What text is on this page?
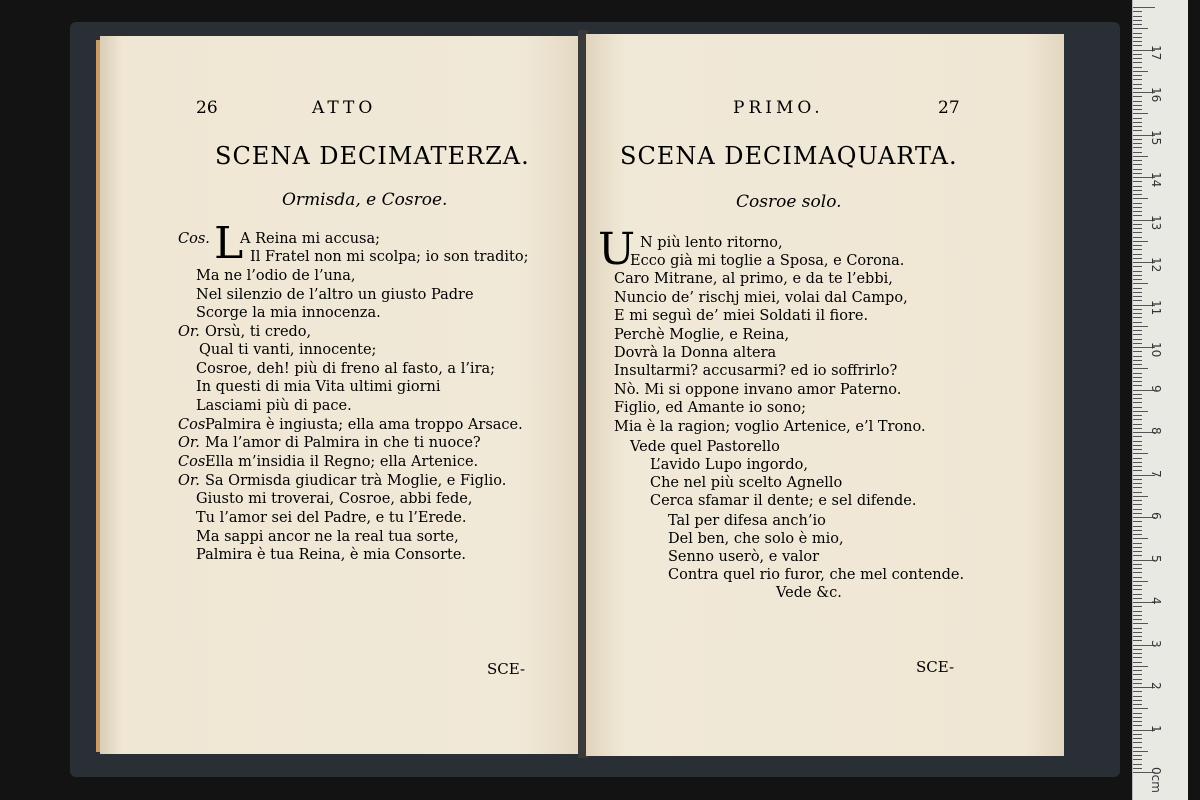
26	ATTO
SCENA DECIMATERZA.
Ormisda, e Cosroe.
L
Cos. A Reina mi accusa;
Il Fratel non mi scolpa; io son tradito;
Ma ne l’odio de l’una,
Nel silenzio de l’altro un giusto Padre
Scorge la mia innocenza.
Or. Orsù, ti credo,
Qual ti vanti, innocente;
Cosroe, deh! più di freno al fasto, a l’ira;
In questi di mia Vita ultimi giorni
Lasciami più di pace.
Cos.
Palmira è ingiusta; ella ama troppo Arsace.
Or. Ma l’amor di Palmira in che ti nuoce?
Cos.
Ella m’insidia il Regno; ella Artenice.
Or. Sa Ormisda giudicar trà Moglie, e Figlio.
Giusto mi troverai, Cosroe, abbi fede,
Tu l’amor sei del Padre, e tu l’Erede.
Ma sappi ancor ne la real tua sorte,
Palmira è tua Reina, è mia Consorte.
SCE-
PRIMO.	27
SCENA DECIMAQUARTA.
Cosroe solo.
U N più lento ritorno,
Ecco già mi toglie a Sposa, e Corona.
Caro Mitrane, al primo, e da te l’ebbi,
Nuncio de’ rischj miei, volai dal Campo,
E mi seguì de’ miei Soldati il fiore.
Perchè Moglie, e Reina,
Dovrà la Donna altera
Insultarmi? accusarmi? ed io soffrirlo?
Nò. Mi si oppone invano amor Paterno.
Figlio, ed Amante io sono;
Mia è la ragion; voglio Artenice, e’l Trono.
Vede quel Pastorello
L’avido Lupo ingordo,
Che nel più scelto Agnello
Cerca sfamar il dente; e sel difende.
Tal per difesa anch’io
Del ben, che solo è mio,
Senno userò, e valor
Contra quel rio furor, che mel contende.
Vede &c.
SCE-
0cm
1
2
3
4
5
6
7
8
9
10
11
12
13
14
15
16
17
